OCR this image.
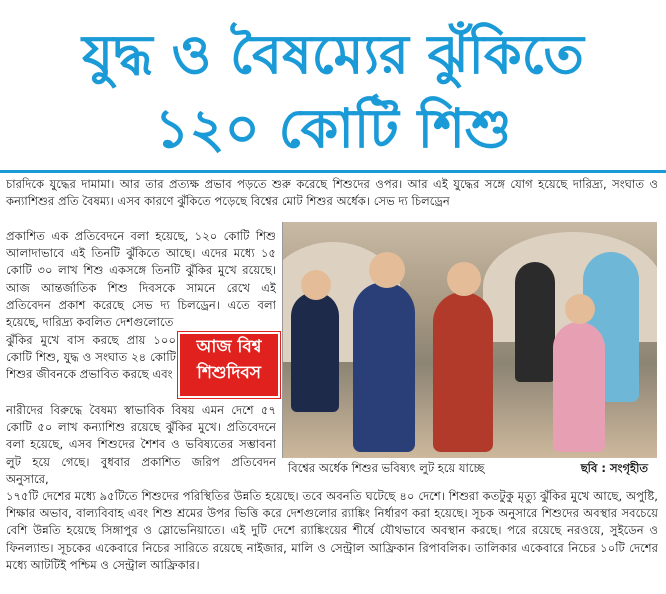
যুদ্ধ ও বৈষম্যের ঝুঁকিতে
১২০ কোটি শিশু

চারদিকে যুদ্ধের দামামা। আর তার প্রত্যক্ষ প্রভাব পড়তে শুরু করেছে শিশুদের ওপর। আর এই যুদ্ধের সঙ্গে যোগ হয়েছে দারিদ্র্য, সংঘাত ও কন্যাশিশুর প্রতি বৈষম্য। এসব কারণে ঝুঁকিতে পড়েছে বিশ্বের মোট শিশুর অর্ধেক। সেভ দ্য চিলড্রেন

প্রকাশিত এক প্রতিবেদনে বলা হয়েছে, ১২০ কোটি শিশু আলাদাভাবে এই তিনটি ঝুঁকিতে আছে। এদের মধ্যে ১৫ কোটি ৩০ লাখ শিশু একসঙ্গে তিনটি ঝুঁকির মুখে রয়েছে। আজ আন্তর্জাতিক শিশু দিবসকে সামনে রেখে এই প্রতিবেদন প্রকাশ করেছে সেভ দ্য চিলড্রেন। এতে বলা হয়েছে, দারিদ্র্য কবলিত দেশগুলোতে

ঝুঁকির মুখে বাস করছে প্রায় ১০০ কোটি শিশু, যুদ্ধ ও সংঘাত ২৪ কোটি শিশুর জীবনকে প্রভাবিত করছে এবং

আজ বিশ্ব
শিশুদিবস

নারীদের বিরুদ্ধে বৈষম্য স্বাভাবিক বিষয় এমন দেশে ৫৭ কোটি ৫০ লাখ কন্যাশিশু রয়েছে ঝুঁকির মুখে। প্রতিবেদনে বলা হয়েছে, এসব শিশুদের শৈশব ও ভবিষ্যতের সম্ভাবনা লুট হয়ে গেছে। বুধবার প্রকাশিত জরিপ প্রতিবেদন অনুসারে,

বিশ্বের অর্ধেক শিশুর ভবিষ্যৎ লুট হয়ে যাচ্ছে	ছবি : সংগৃহীত

১৭৫টি দেশের মধ্যে ৯৫টিতে শিশুদের পরিস্থিতির উন্নতি হয়েছে। তবে অবনতি ঘটেছে ৪০ দেশে। শিশুরা কতটুকু মৃত্যু ঝুঁকির মুখে আছে, অপুষ্টি, শিক্ষার অভাব, বাল্যবিবাহ এবং শিশু শ্রমের উপর ভিত্তি করে দেশগুলোর র‌্যাঙ্কিং নির্ধারণ করা হয়েছে। সূচক অনুসারে শিশুদের অবস্থার সবচেয়ে বেশি উন্নতি হয়েছে সিঙ্গাপুর ও স্লোভেনিয়াতে। এই দুটি দেশে র‌্যাঙ্কিংয়ের শীর্ষে যৌথভাবে অবস্থান করছে। পরে রয়েছে নরওয়ে, সুইডেন ও ফিনল্যান্ড। সূচকের একেবারে নিচের সারিতে রয়েছে নাইজার, মালি ও সেন্ট্রাল আফ্রিকান রিপাবলিক। তালিকার একেবারে নিচের ১০টি দেশের মধ্যে আটটিই পশ্চিম ও সেন্ট্রাল আফ্রিকার।
